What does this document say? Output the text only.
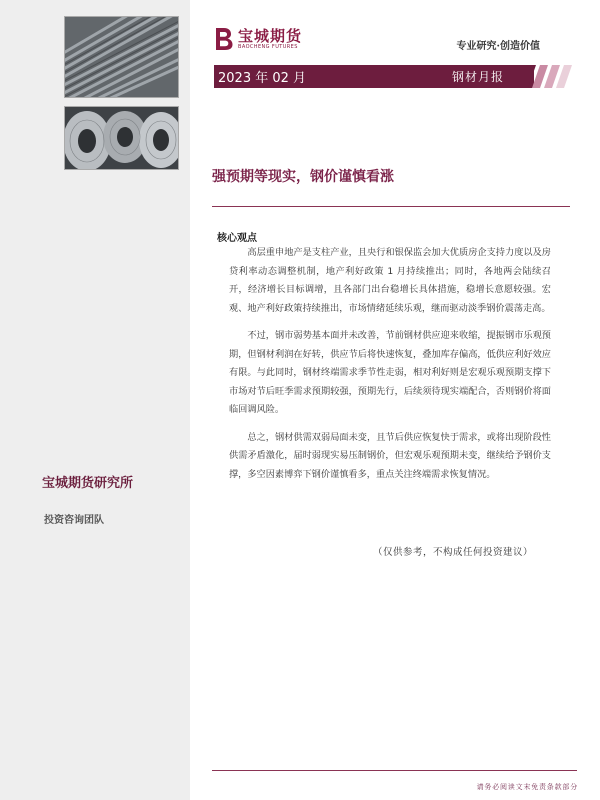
宝城期货研究所
投资咨询团队
宝城期货
BAOCHENG FUTURES	专业研究·创造价值
2023 年 02 月	钢材月报
强预期等现实，钢价谨慎看涨
核心观点

高层重申地产是支柱产业，且央行和银保监会加大优质房企支持力度以及房贷利率动态调整机制，地产利好政策 1 月持续推出；同时，各地两会陆续召开，经济增长目标调增，且各部门出台稳增长具体措施，稳增长意愿较强。宏观、地产利好政策持续推出，市场情绪延续乐观，继而驱动淡季钢价震荡走高。

不过，钢市弱势基本面并未改善，节前钢材供应迎来收缩，提振钢市乐观预期，但钢材利润在好转，供应节后将快速恢复，叠加库存偏高，低供应利好效应有限。与此同时，钢材终端需求季节性走弱，相对利好则是宏观乐观预期支撑下市场对节后旺季需求预期较强，预期先行，后续须待现实端配合，否则钢价将面临回调风险。

总之，钢材供需双弱局面未变，且节后供应恢复快于需求，或将出现阶段性供需矛盾激化，届时弱现实易压制钢价，但宏观乐观预期未变，继续给予钢价支撑，多空因素博弈下钢价谨慎看多，重点关注终端需求恢复情况。

（仅供参考，不构成任何投资建议）
请务必阅读文末免责条款部分
